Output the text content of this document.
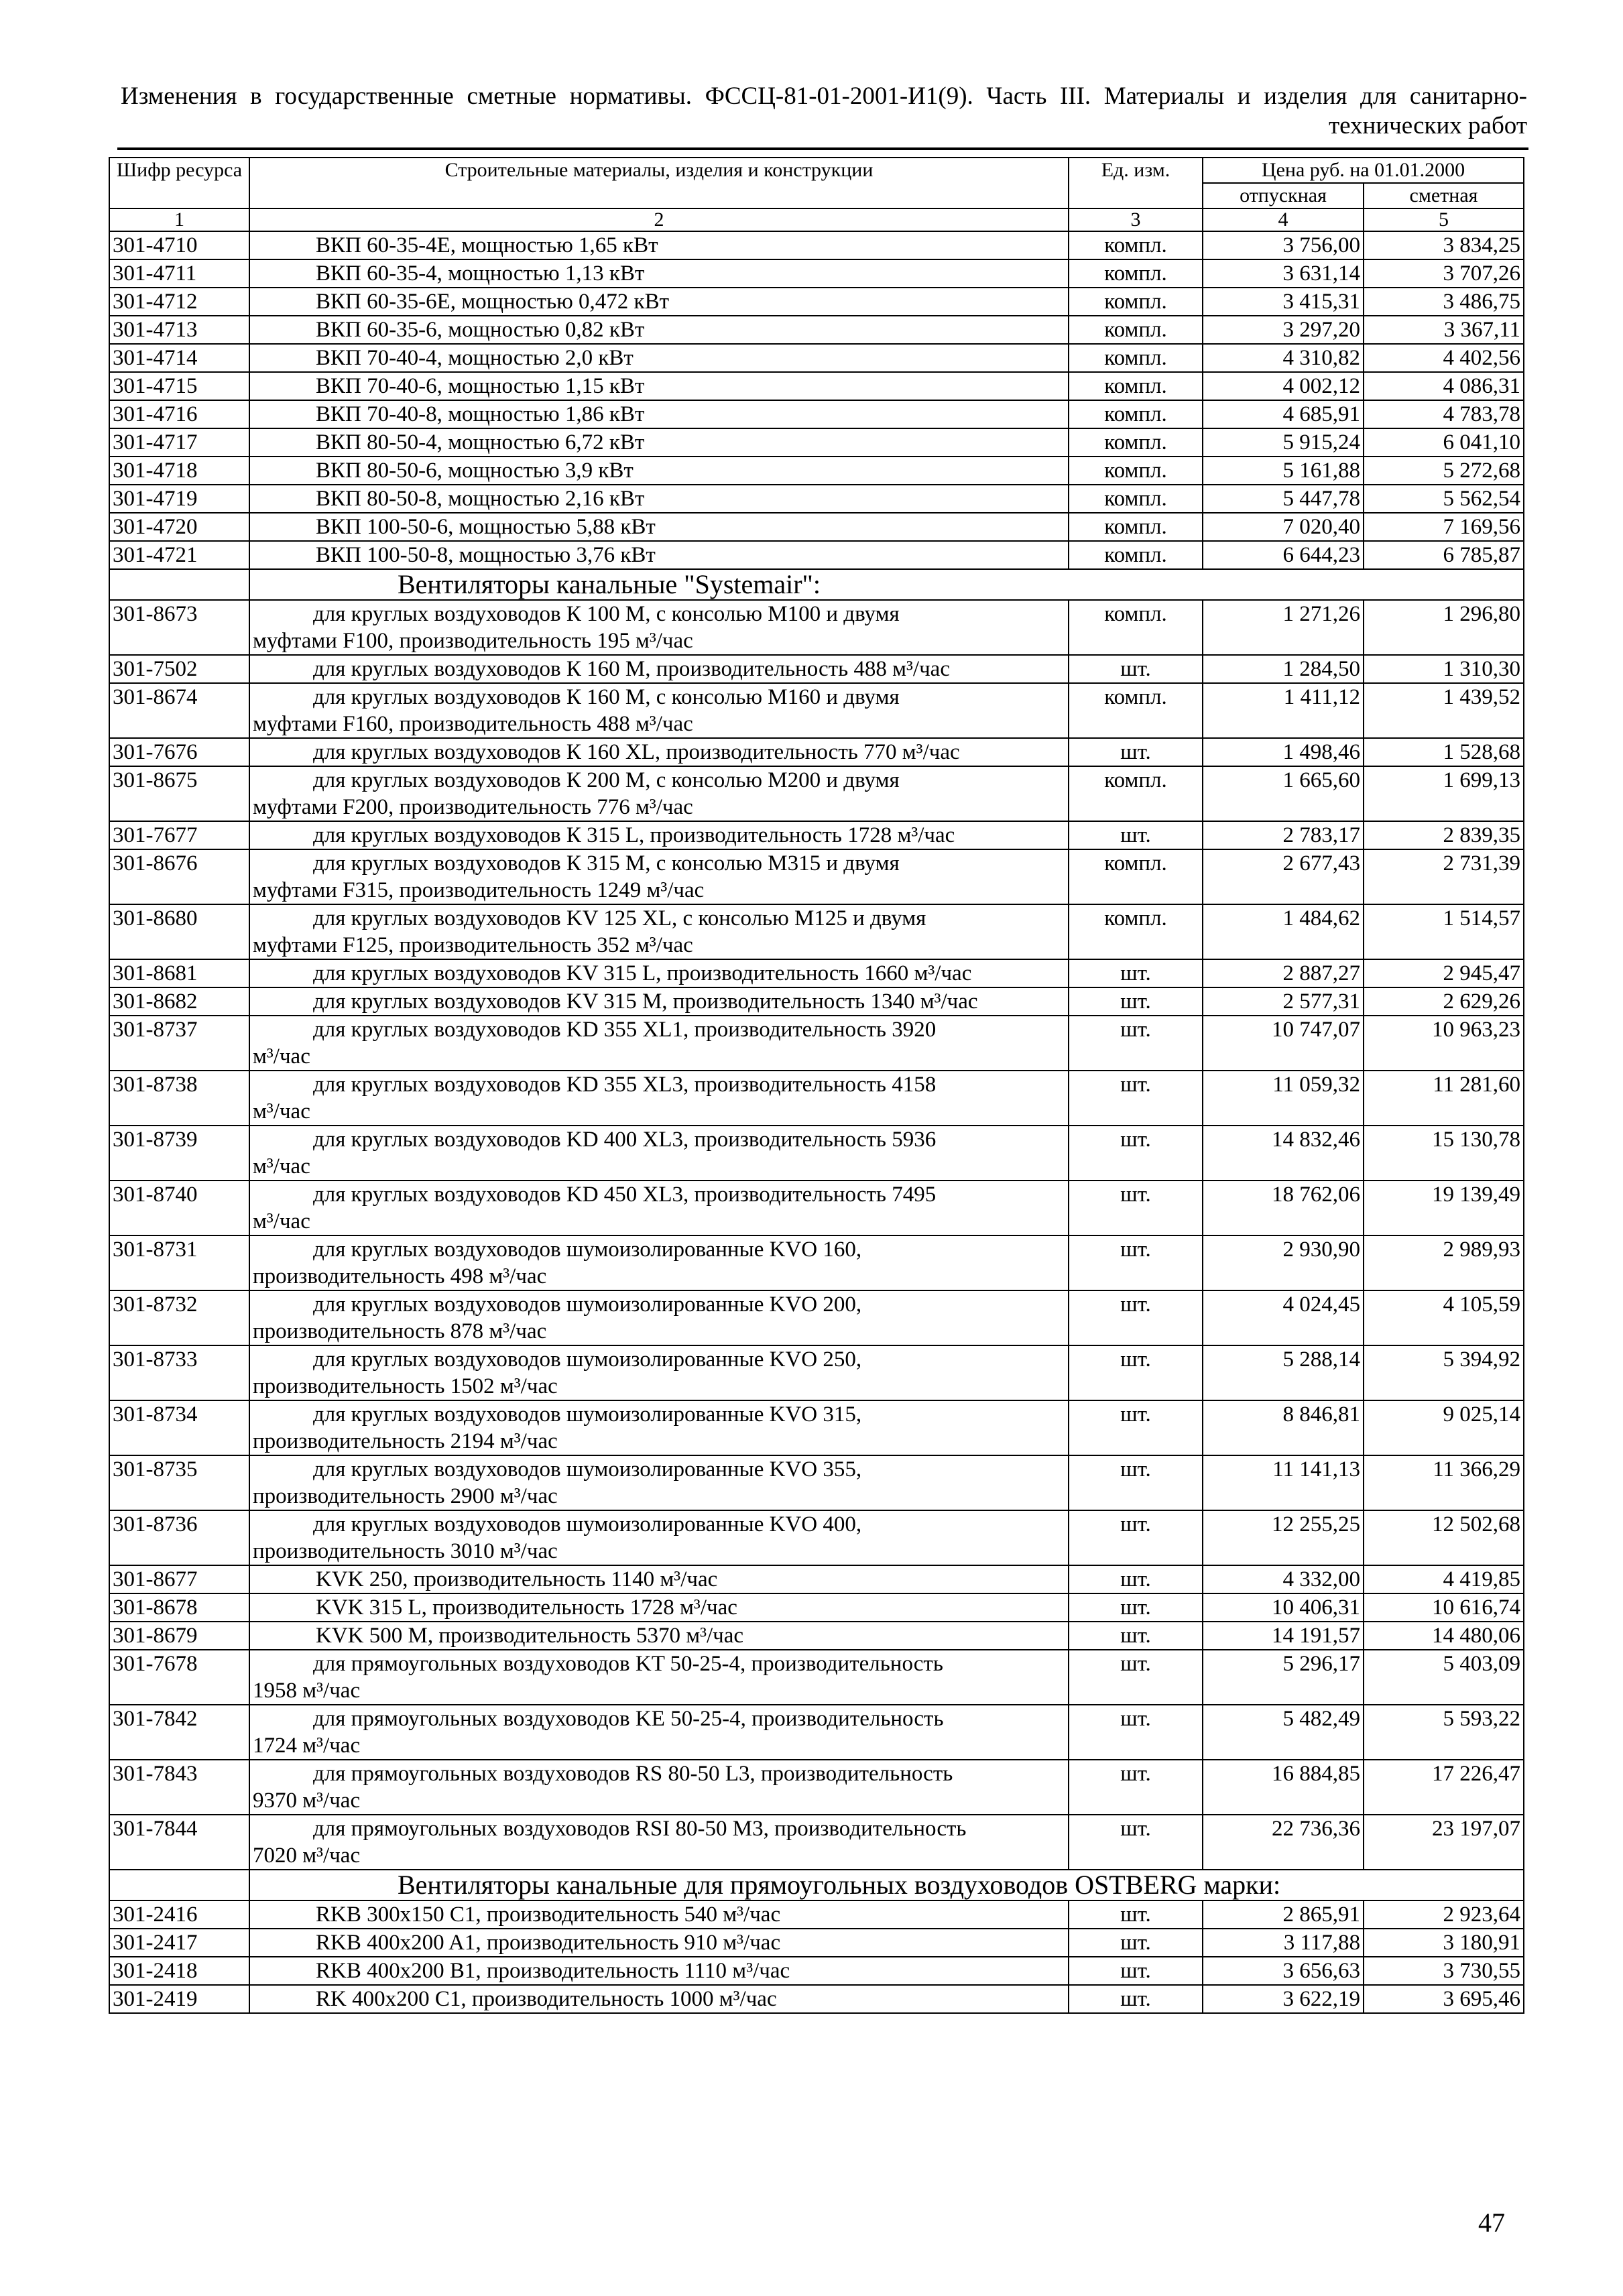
Изменения в государственные сметные нормативы. ФССЦ-81-01-2001-И1(9). Часть III. Материалы и изделия для санитарно-технических работ
Шифр ресурса	Строительные материалы, изделия и конструкции	Ед. изм.	Цена руб. на 01.01.2000	
			отпускная	сметная
1	2	3	4	5
301-4710	ВКП 60-35-4Е, мощностью 1,65 кВт	компл.	3 756,00	3 834,25
301-4711	ВКП 60-35-4, мощностью 1,13 кВт	компл.	3 631,14	3 707,26
301-4712	ВКП 60-35-6Е, мощностью 0,472 кВт	компл.	3 415,31	3 486,75
301-4713	ВКП 60-35-6, мощностью 0,82 кВт	компл.	3 297,20	3 367,11
301-4714	ВКП 70-40-4, мощностью 2,0 кВт	компл.	4 310,82	4 402,56
301-4715	ВКП 70-40-6, мощностью 1,15 кВт	компл.	4 002,12	4 086,31
301-4716	ВКП 70-40-8, мощностью 1,86 кВт	компл.	4 685,91	4 783,78
301-4717	ВКП 80-50-4, мощностью 6,72 кВт	компл.	5 915,24	6 041,10
301-4718	ВКП 80-50-6, мощностью 3,9 кВт	компл.	5 161,88	5 272,68
301-4719	ВКП 80-50-8, мощностью 2,16 кВт	компл.	5 447,78	5 562,54
301-4720	ВКП 100-50-6, мощностью 5,88 кВт	компл.	7 020,40	7 169,56
301-4721	ВКП 100-50-8, мощностью 3,76 кВт	компл.	6 644,23	6 785,87
	Вентиляторы канальные "Systemair":			
301-8673	для круглых воздуховодов К 100 М, с консолью М100 и двумя
муфтами F100, производительность 195 м³/час	компл.	1 271,26	1 296,80
301-7502	для круглых воздуховодов К 160 М, производительность 488 м³/час	шт.	1 284,50	1 310,30
301-8674	для круглых воздуховодов К 160 М, с консолью М160 и двумя
муфтами F160, производительность 488 м³/час	компл.	1 411,12	1 439,52
301-7676	для круглых воздуховодов К 160 XL, производительность 770 м³/час	шт.	1 498,46	1 528,68
301-8675	для круглых воздуховодов К 200 М, с консолью М200 и двумя
муфтами F200, производительность 776 м³/час	компл.	1 665,60	1 699,13
301-7677	для круглых воздуховодов К 315 L, производительность 1728 м³/час	шт.	2 783,17	2 839,35
301-8676	для круглых воздуховодов К 315 М, с консолью М315 и двумя
муфтами F315, производительность 1249 м³/час	компл.	2 677,43	2 731,39
301-8680	для круглых воздуховодов KV 125 XL, с консолью М125 и двумя
муфтами F125, производительность 352 м³/час	компл.	1 484,62	1 514,57
301-8681	для круглых воздуховодов KV 315 L, производительность 1660 м³/час	шт.	2 887,27	2 945,47
301-8682	для круглых воздуховодов KV 315 M, производительность 1340 м³/час	шт.	2 577,31	2 629,26
301-8737	для круглых воздуховодов KD 355 XL1, производительность 3920
м³/час	шт.	10 747,07	10 963,23
301-8738	для круглых воздуховодов KD 355 XL3, производительность 4158
м³/час	шт.	11 059,32	11 281,60
301-8739	для круглых воздуховодов KD 400 XL3, производительность 5936
м³/час	шт.	14 832,46	15 130,78
301-8740	для круглых воздуховодов KD 450 XL3, производительность 7495
м³/час	шт.	18 762,06	19 139,49
301-8731	для круглых воздуховодов шумоизолированные KVO 160,
производительность 498 м³/час	шт.	2 930,90	2 989,93
301-8732	для круглых воздуховодов шумоизолированные KVO 200,
производительность 878 м³/час	шт.	4 024,45	4 105,59
301-8733	для круглых воздуховодов шумоизолированные KVO 250,
производительность 1502 м³/час	шт.	5 288,14	5 394,92
301-8734	для круглых воздуховодов шумоизолированные KVO 315,
производительность 2194 м³/час	шт.	8 846,81	9 025,14
301-8735	для круглых воздуховодов шумоизолированные KVO 355,
производительность 2900 м³/час	шт.	11 141,13	11 366,29
301-8736	для круглых воздуховодов шумоизолированные KVO 400,
производительность 3010 м³/час	шт.	12 255,25	12 502,68
301-8677	KVK 250, производительность 1140 м³/час	шт.	4 332,00	4 419,85
301-8678	KVK 315 L, производительность 1728 м³/час	шт.	10 406,31	10 616,74
301-8679	KVK 500 M, производительность 5370 м³/час	шт.	14 191,57	14 480,06
301-7678	для прямоугольных воздуховодов KT 50-25-4, производительность
1958 м³/час	шт.	5 296,17	5 403,09
301-7842	для прямоугольных воздуховодов KE 50-25-4, производительность
1724 м³/час	шт.	5 482,49	5 593,22
301-7843	для прямоугольных воздуховодов RS 80-50 L3, производительность
9370 м³/час	шт.	16 884,85	17 226,47
301-7844	для прямоугольных воздуховодов RSI 80-50 M3, производительность
7020 м³/час	шт.	22 736,36	23 197,07
	Вентиляторы канальные для прямоугольных воздуховодов OSTBERG марки:			
301-2416	RKB 300x150 C1, производительность 540 м³/час	шт.	2 865,91	2 923,64
301-2417	RKB 400x200 A1, производительность 910 м³/час	шт.	3 117,88	3 180,91
301-2418	RKB 400x200 B1, производительность 1110 м³/час	шт.	3 656,63	3 730,55
301-2419	RK 400x200 C1, производительность 1000 м³/час	шт.	3 622,19	3 695,46
47
